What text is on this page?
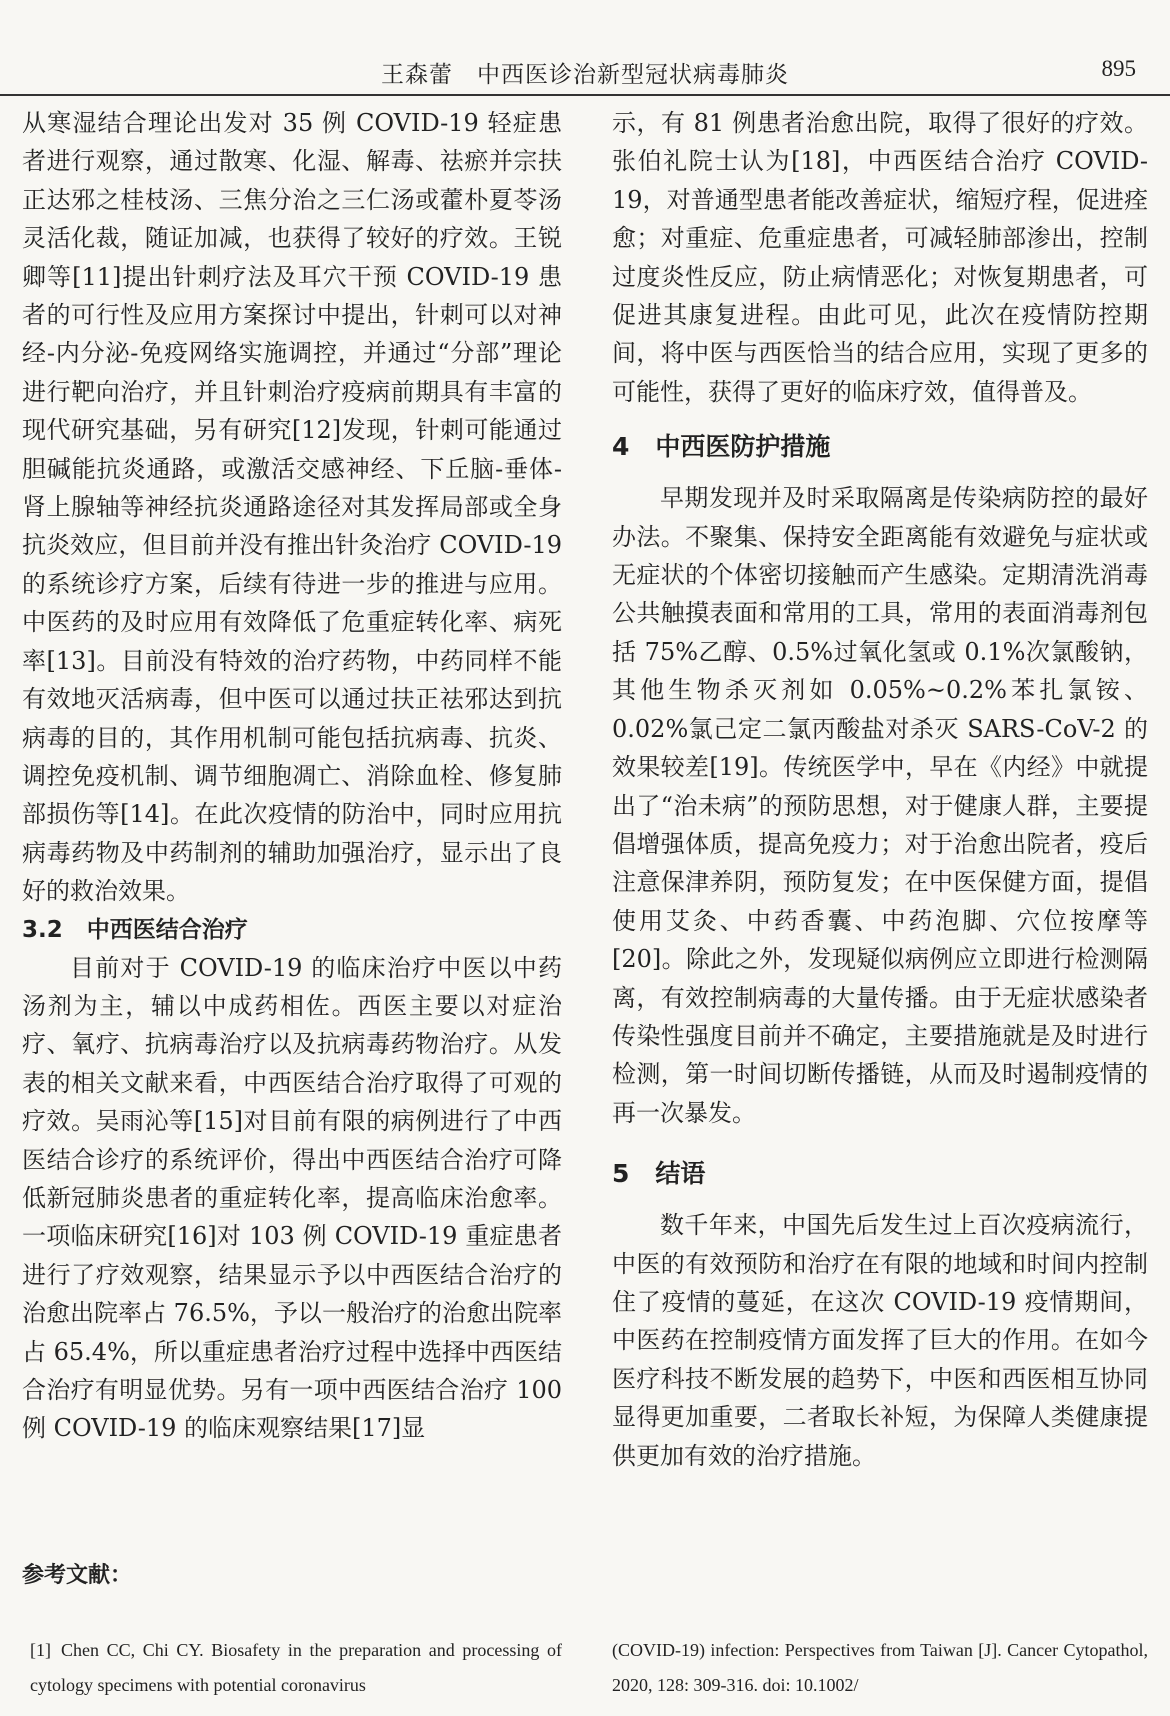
王森蕾　中西医诊治新型冠状病毒肺炎	895

从寒湿结合理论出发对 35 例 COVID-19 轻症患者进行观察，通过散寒、化湿、解毒、祛瘀并宗扶正达邪之桂枝汤、三焦分治之三仁汤或藿朴夏苓汤灵活化裁，随证加减，也获得了较好的疗效。王锐卿等[11]提出针刺疗法及耳穴干预 COVID-19 患者的可行性及应用方案探讨中提出，针刺可以对神经-内分泌-免疫网络实施调控，并通过“分部”理论进行靶向治疗，并且针刺治疗疫病前期具有丰富的现代研究基础，另有研究[12]发现，针刺可能通过胆碱能抗炎通路，或激活交感神经、下丘脑-垂体-肾上腺轴等神经抗炎通路途径对其发挥局部或全身抗炎效应，但目前并没有推出针灸治疗 COVID-19 的系统诊疗方案，后续有待进一步的推进与应用。中医药的及时应用有效降低了危重症转化率、病死率[13]。目前没有特效的治疗药物，中药同样不能有效地灭活病毒，但中医可以通过扶正祛邪达到抗病毒的目的，其作用机制可能包括抗病毒、抗炎、调控免疫机制、调节细胞凋亡、消除血栓、修复肺部损伤等[14]。在此次疫情的防治中，同时应用抗病毒药物及中药制剂的辅助加强治疗，显示出了良好的救治效果。

3.2 中西医结合治疗

目前对于 COVID-19 的临床治疗中医以中药汤剂为主，辅以中成药相佐。西医主要以对症治疗、氧疗、抗病毒治疗以及抗病毒药物治疗。从发表的相关文献来看，中西医结合治疗取得了可观的疗效。吴雨沁等[15]对目前有限的病例进行了中西医结合诊疗的系统评价，得出中西医结合治疗可降低新冠肺炎患者的重症转化率，提高临床治愈率。一项临床研究[16]对 103 例 COVID-19 重症患者进行了疗效观察，结果显示予以中西医结合治疗的治愈出院率占 76.5%，予以一般治疗的治愈出院率占 65.4%，所以重症患者治疗过程中选择中西医结合治疗有明显优势。另有一项中西医结合治疗 100 例 COVID-19 的临床观察结果[17]显

示，有 81 例患者治愈出院，取得了很好的疗效。张伯礼院士认为[18]，中西医结合治疗 COVID-19，对普通型患者能改善症状，缩短疗程，促进痊愈；对重症、危重症患者，可减轻肺部渗出，控制过度炎性反应，防止病情恶化；对恢复期患者，可促进其康复进程。由此可见，此次在疫情防控期间，将中医与西医恰当的结合应用，实现了更多的可能性，获得了更好的临床疗效，值得普及。

4 中西医防护措施

早期发现并及时采取隔离是传染病防控的最好办法。不聚集、保持安全距离能有效避免与症状或无症状的个体密切接触而产生感染。定期清洗消毒公共触摸表面和常用的工具，常用的表面消毒剂包括 75%乙醇、0.5%过氧化氢或 0.1%次氯酸钠，其他生物杀灭剂如 0.05%~0.2%苯扎氯铵、0.02%氯己定二氯丙酸盐对杀灭 SARS-CoV-2 的效果较差[19]。传统医学中，早在《内经》中就提出了“治未病”的预防思想，对于健康人群，主要提倡增强体质，提高免疫力；对于治愈出院者，疫后注意保津养阴，预防复发；在中医保健方面，提倡使用艾灸、中药香囊、中药泡脚、穴位按摩等[20]。除此之外，发现疑似病例应立即进行检测隔离，有效控制病毒的大量传播。由于无症状感染者传染性强度目前并不确定，主要措施就是及时进行检测，第一时间切断传播链，从而及时遏制疫情的再一次暴发。

5 结语

数千年来，中国先后发生过上百次疫病流行，中医的有效预防和治疗在有限的地域和时间内控制住了疫情的蔓延，在这次 COVID-19 疫情期间，中医药在控制疫情方面发挥了巨大的作用。在如今医疗科技不断发展的趋势下，中医和西医相互协同显得更加重要，二者取长补短，为保障人类健康提供更加有效的治疗措施。

参考文献：
[1] Chen CC, Chi CY. Biosafety in the preparation and processing of cytology specimens with potential coronavirus
(COVID-19) infection: Perspectives from Taiwan [J]. Cancer Cytopathol, 2020, 128: 309-316. doi: 10.1002/
